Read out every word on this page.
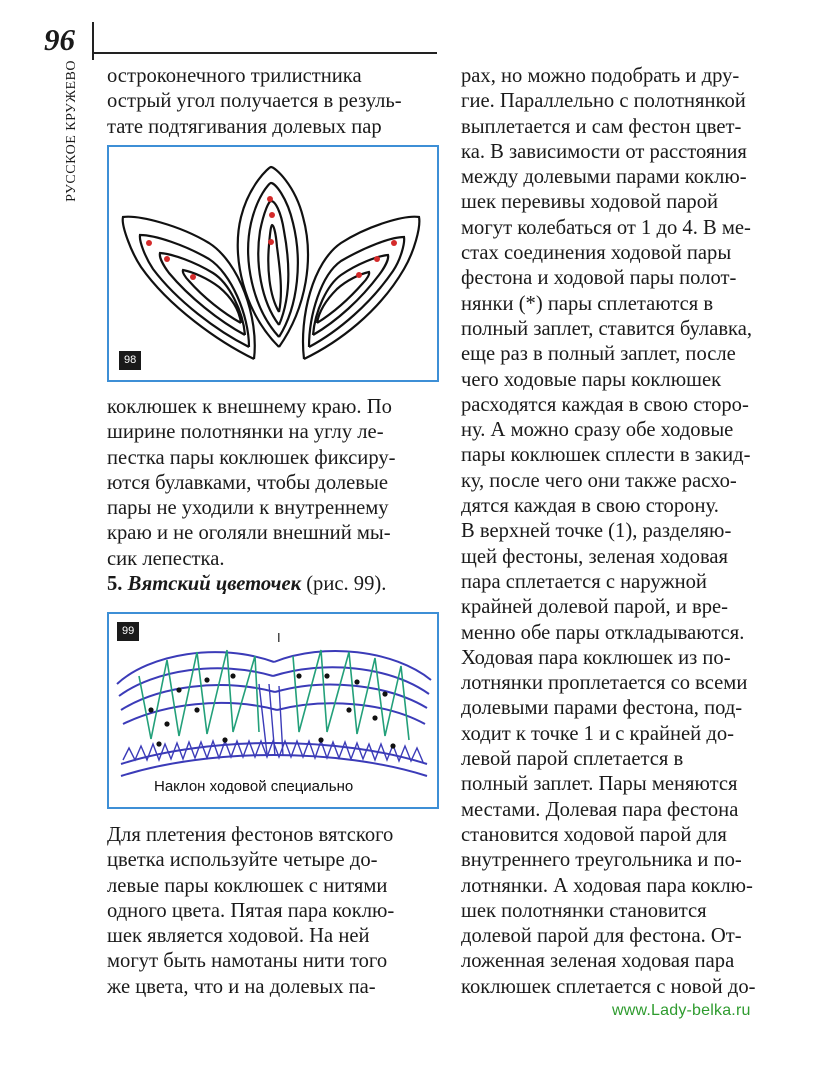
96
РУССКОЕ КРУЖЕВО остроконечного трилистника

острый угол получается в резуль-

тате подтягивания долевых пар

98

коклюшек к внешнему краю. По

ширине полотнянки на углу ле-

пестка пары коклюшек фиксиру-

ются булавками, чтобы долевые

пары не уходили к внутреннему

краю и не оголяли внешний мы-

сик лепестка.

5. Вятский цветочек (рис. 99).

99	I
Наклон ходовой специально

Для плетения фестонов вятского

цветка используйте четыре до-

левые пары коклюшек с нитями

одного цвета. Пятая пара коклю-

шек является ходовой. На ней

могут быть намотаны нити того

же цвета, что и на долевых па-

рах, но можно подобрать и дру-

гие. Параллельно с полотнянкой

выплетается и сам фестон цвет-

ка. В зависимости от расстояния

между долевыми парами коклю-

шек перевивы ходовой парой

могут колебаться от 1 до 4. В ме-

стах соединения ходовой пары

фестона и ходовой пары полот-

нянки (*) пары сплетаются в

полный заплет, ставится булавка,

еще раз в полный заплет, после

чего ходовые пары коклюшек

расходятся каждая в свою сторо-

ну. А можно сразу обе ходовые

пары коклюшек сплести в закид-

ку, после чего они также расхо-

дятся каждая в свою сторону.

В верхней точке (1), разделяю-

щей фестоны, зеленая ходовая

пара сплетается с наружной

крайней долевой парой, и вре-

менно обе пары откладываются.

Ходовая пара коклюшек из по-

лотнянки проплетается со всеми

долевыми парами фестона, под-

ходит к точке 1 и с крайней до-

левой парой сплетается в

полный заплет. Пары меняются

местами. Долевая пара фестона

становится ходовой парой для

внутреннего треугольника и по-

лотнянки. А ходовая пара коклю-

шек полотнянки становится

долевой парой для фестона. От-

ложенная зеленая ходовая пара

коклюшек сплетается с новой до-

www.Lady-belka.ru
